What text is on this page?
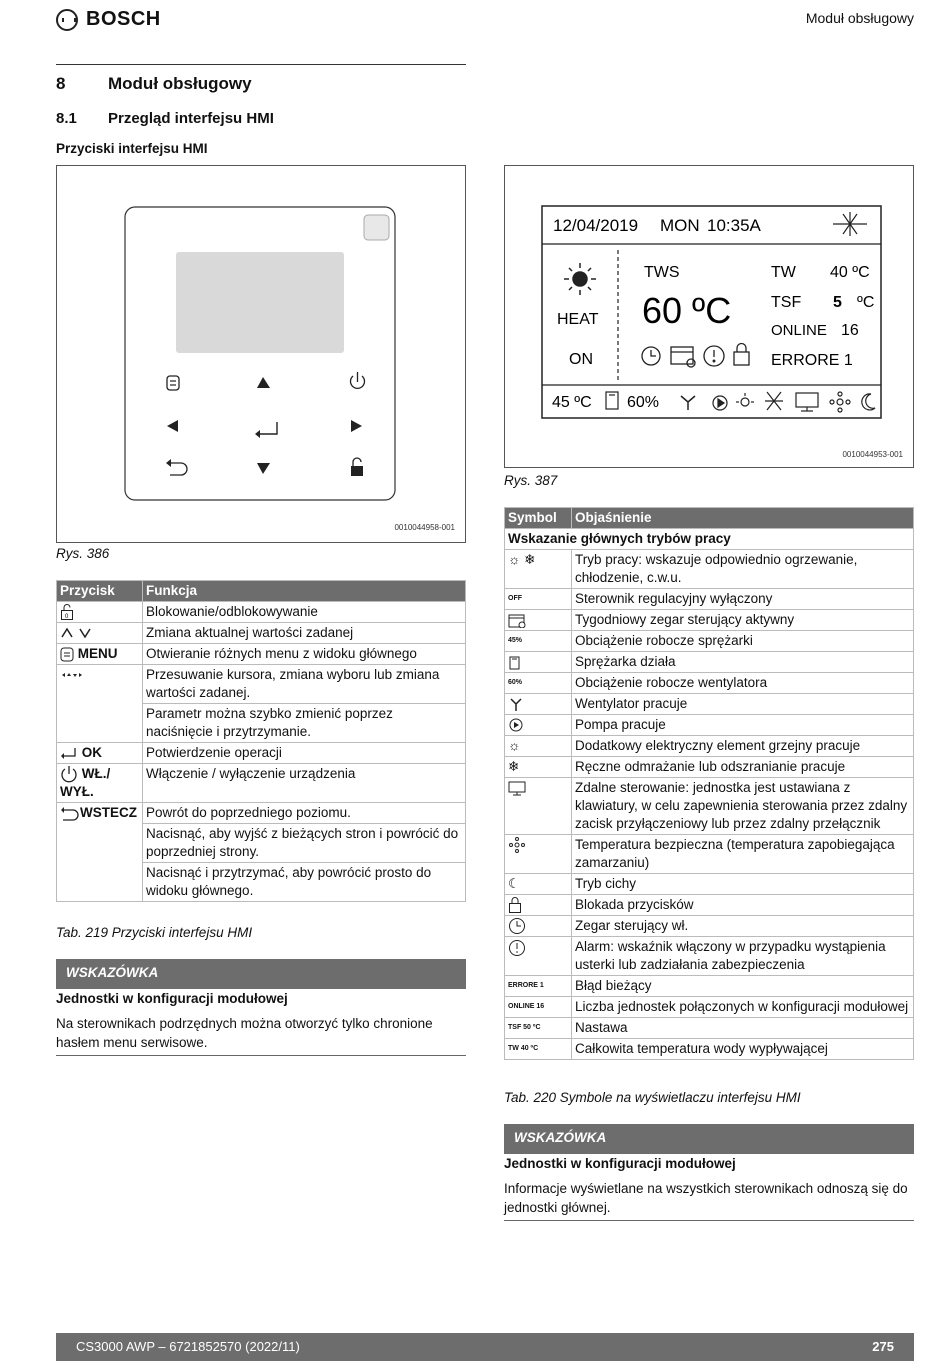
BOSCH	Moduł obsługowy
8	Moduł obsługowy
8.1 Przegląd interfejsu HMI
Przyciski interfejsu HMI
0010044958-001
Rys. 386
Przycisk	Funkcja

0	Blokowanie/odblokowywanie
	Zmiana aktualnej wartości zadanej
MENU	Otwieranie różnych menu z widoku głównego
	Przesuwanie kursora, zmiana wyboru lub zmiana wartości zadanej.
	Parametr można szybko zmienić poprzez naciśnięcie i przytrzymanie.
OK	Potwierdzenie operacji
WŁ./ WYŁ.	Włączenie / wyłączenie urządzenia
WSTECZ	Powrót do poprzedniego poziomu.
	Nacisnąć, aby wyjść z bieżących stron i powrócić do poprzedniej strony.
	Nacisnąć i przytrzymać, aby powrócić prosto do widoku głównego.
Tab. 219 Przyciski interfejsu HMI
WSKAZÓWKA
Jednostki w konfiguracji modułowej
Na sterownikach podrzędnych można otworzyć tylko chronione hasłem menu serwisowe.
12/04/2019 MON 10:35A
TWS	TW 40 ºC
60 ºC TSF 5 ºC
ONLINE 16
HEAT
ON	ERRORE 1
45 ºC 60%
0010044953-001
Rys. 387
Symbol	Objaśnienie
Wskazanie głównych trybów pracy	
☼ ❄	Tryb pracy: wskazuje odpowiednio ogrzewanie, chłodzenie, c.w.u.
OFF	Sterownik regulacyjny wyłączony
	Tygodniowy zegar sterujący aktywny
45%	Obciążenie robocze sprężarki
	Sprężarka działa
60%	Obciążenie robocze wentylatora
	Wentylator pracuje
	Pompa pracuje
☼	Dodatkowy elektryczny element grzejny pracuje
❄	Ręczne odmrażanie lub odszranianie pracuje
	Zdalne sterowanie: jednostka jest ustawiana z klawiatury, w celu zapewnienia sterowania przez zdalny zacisk przyłączeniowy lub przez zdalny przełącznik
	Temperatura bezpieczna (temperatura zapobiegająca zamarzaniu)
☾	Tryb cichy
	Blokada przycisków
	Zegar sterujący wł.
	Alarm: wskaźnik włączony w przypadku wystąpienia usterki lub zadziałania zabezpieczenia
ERRORE 1	Błąd bieżący
ONLINE 16	Liczba jednostek połączonych w konfiguracji modułowej
TSF 50 ºC	Nastawa
TW 40 ºC	Całkowita temperatura wody wypływającej
Tab. 220 Symbole na wyświetlaczu interfejsu HMI
WSKAZÓWKA
Jednostki w konfiguracji modułowej
Informacje wyświetlane na wszystkich sterownikach odnoszą się do jednostki głównej.
CS3000 AWP – 6721852570 (2022/11)	275
